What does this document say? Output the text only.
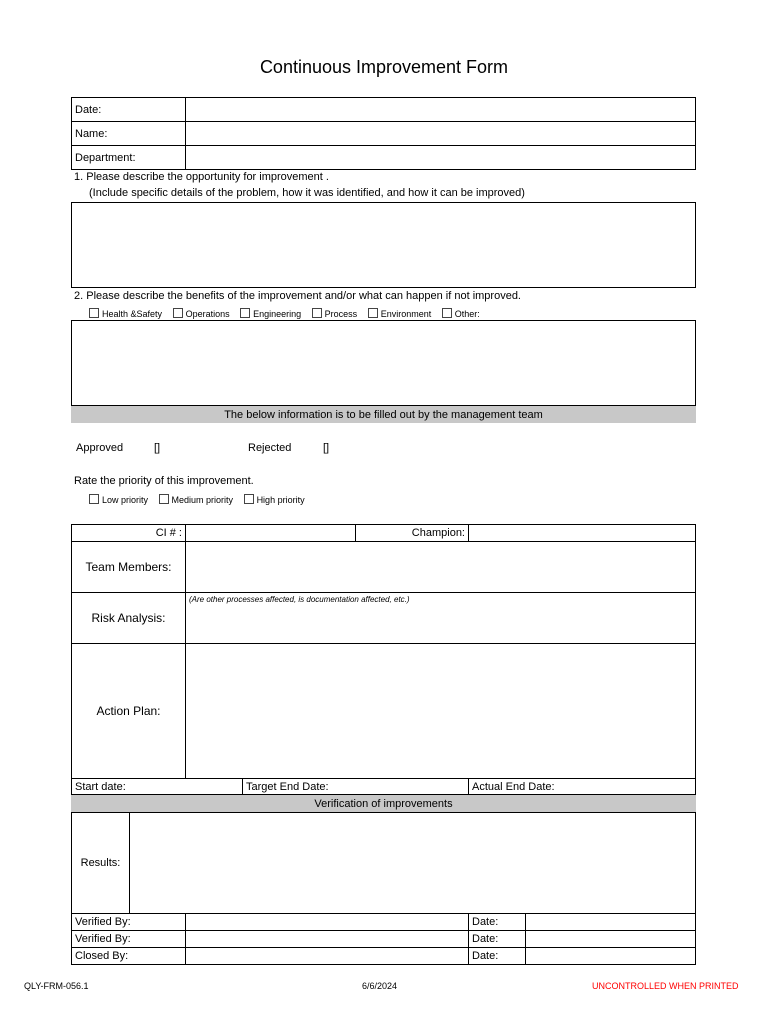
Continuous Improvement Form
Date:
Name:
Department:
1. Please describe the opportunity for improvement .
(Include specific details of the problem, how it was identified, and how it can be improved)
2. Please describe the benefits of the improvement and/or what can happen if not improved.
Health &Safety	Operations	Engineering	Process	Environment	Other:
The below information is to be filled out by the management team
Approved	[]	Rejected	[]
Rate the priority of this improvement.
Low priority	Medium priority	High priority
CI # :	Champion:
Team Members:
Risk Analysis:
(Are other processes affected, is documentation affected, etc.)
Action Plan:
Start date:	Target End Date:	Actual End Date:
Verification of improvements
Results:
Verified By:	Date:
Verified By:	Date:
Closed By:	Date:
QLY-FRM-056.1	6/6/2024	UNCONTROLLED WHEN PRINTED
